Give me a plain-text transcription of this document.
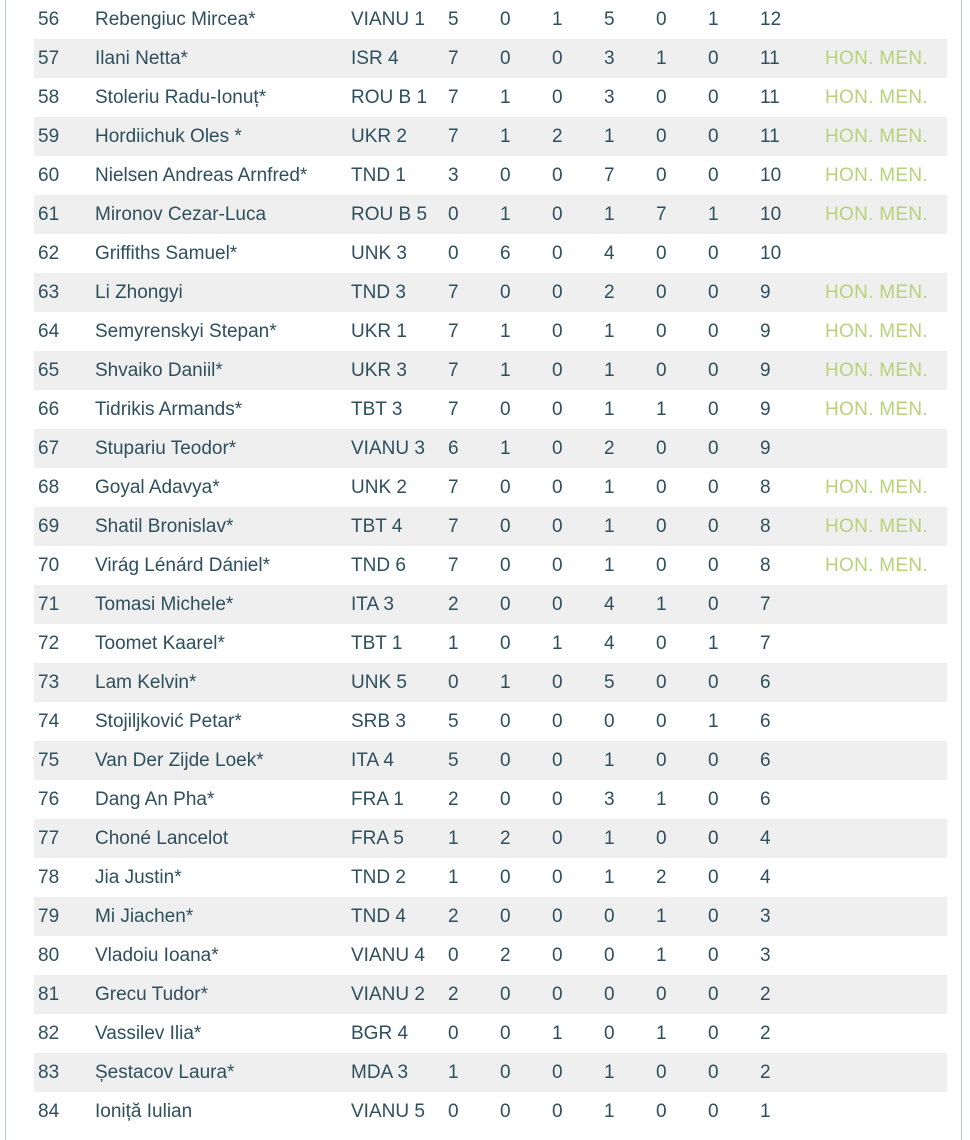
56	Rebengiuc Mircea*	VIANU 1	5	0	1	5	0	1	12	
57	Ilani Netta*	ISR 4	7	0	0	3	1	0	11	HON. MEN.
58	Stoleriu Radu-Ionuț*	ROU B 1	7	1	0	3	0	0	11	HON. MEN.
59	Hordiichuk Oles *	UKR 2	7	1	2	1	0	0	11	HON. MEN.
60	Nielsen Andreas Arnfred*	TND 1	3	0	0	7	0	0	10	HON. MEN.
61	Mironov Cezar-Luca	ROU B 5	0	1	0	1	7	1	10	HON. MEN.
62	Griffiths Samuel*	UNK 3	0	6	0	4	0	0	10	
63	Li Zhongyi	TND 3	7	0	0	2	0	0	9	HON. MEN.
64	Semyrenskyi Stepan*	UKR 1	7	1	0	1	0	0	9	HON. MEN.
65	Shvaiko Daniil*	UKR 3	7	1	0	1	0	0	9	HON. MEN.
66	Tidrikis Armands*	TBT 3	7	0	0	1	1	0	9	HON. MEN.
67	Stupariu Teodor*	VIANU 3	6	1	0	2	0	0	9	
68	Goyal Adavya*	UNK 2	7	0	0	1	0	0	8	HON. MEN.
69	Shatil Bronislav*	TBT 4	7	0	0	1	0	0	8	HON. MEN.
70	Virág Lénárd Dániel*	TND 6	7	0	0	1	0	0	8	HON. MEN.
71	Tomasi Michele*	ITA 3	2	0	0	4	1	0	7	
72	Toomet Kaarel*	TBT 1	1	0	1	4	0	1	7	
73	Lam Kelvin*	UNK 5	0	1	0	5	0	0	6	
74	Stojiljković Petar*	SRB 3	5	0	0	0	0	1	6	
75	Van Der Zijde Loek*	ITA 4	5	0	0	1	0	0	6	
76	Dang An Pha*	FRA 1	2	0	0	3	1	0	6	
77	Choné Lancelot	FRA 5	1	2	0	1	0	0	4	
78	Jia Justin*	TND 2	1	0	0	1	2	0	4	
79	Mi Jiachen*	TND 4	2	0	0	0	1	0	3	
80	Vladoiu Ioana*	VIANU 4	0	2	0	0	1	0	3	
81	Grecu Tudor*	VIANU 2	2	0	0	0	0	0	2	
82	Vassilev Ilia*	BGR 4	0	0	1	0	1	0	2	
83	Șestacov Laura*	MDA 3	1	0	0	1	0	0	2	
84	Ioniță Iulian	VIANU 5	0	0	0	1	0	0	1	
